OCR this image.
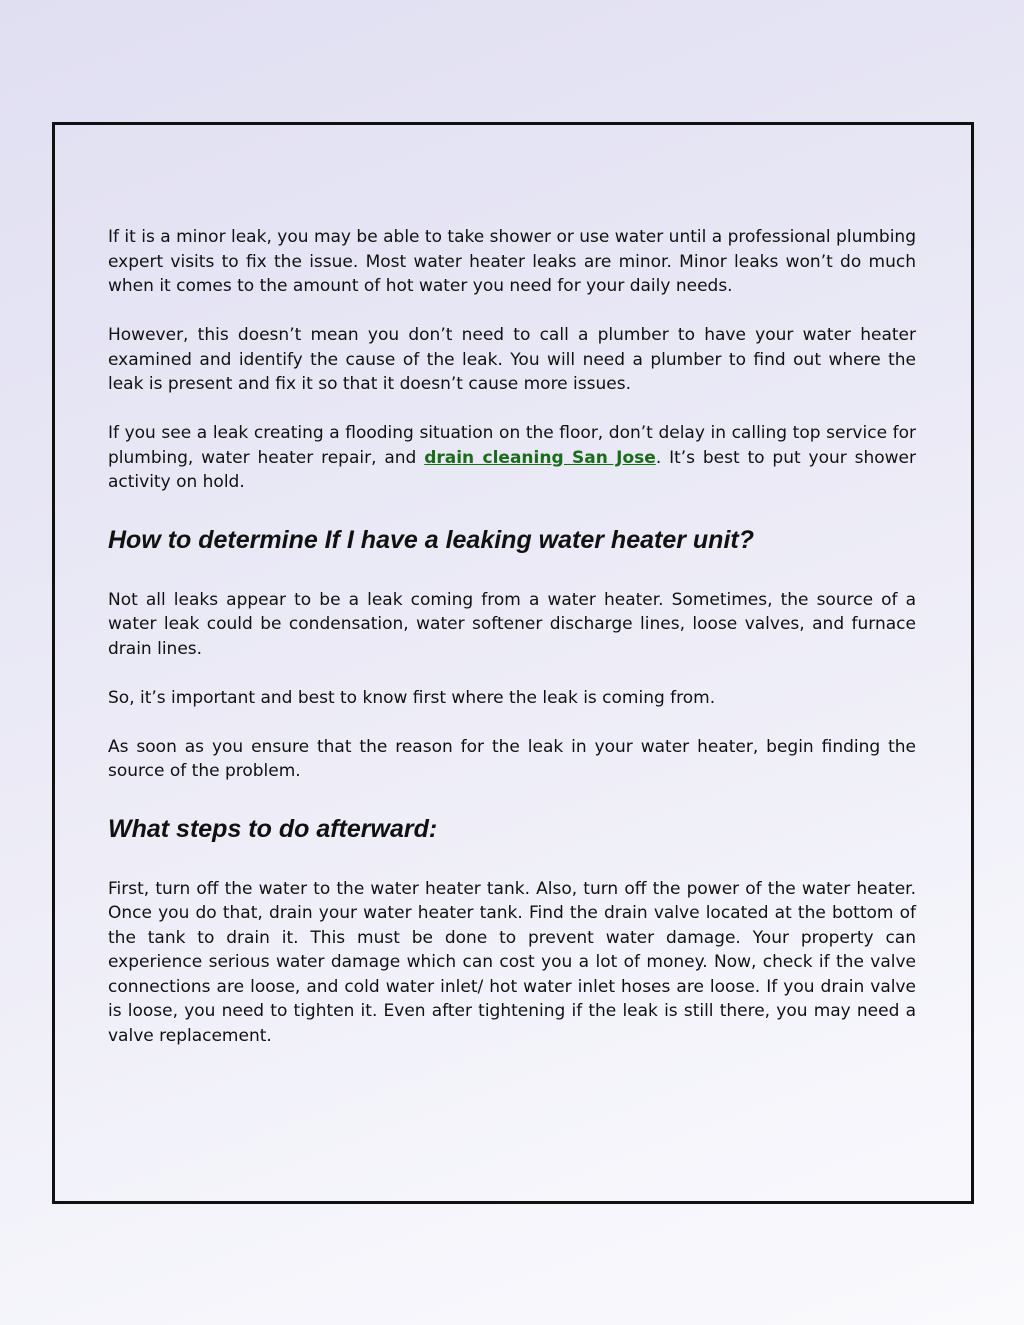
If it is a minor leak, you may be able to take shower or use water until a professional plumbing expert visits to fix the issue. Most water heater leaks are minor. Minor leaks won’t do much when it comes to the amount of hot water you need for your daily needs.

However, this doesn’t mean you don’t need to call a plumber to have your water heater examined and identify the cause of the leak. You will need a plumber to find out where the leak is present and fix it so that it doesn’t cause more issues.

If you see a leak creating a flooding situation on the floor, don’t delay in calling top service for plumbing, water heater repair, and drain cleaning San Jose. It’s best to put your shower activity on hold.

How to determine If I have a leaking water heater unit?

Not all leaks appear to be a leak coming from a water heater. Sometimes, the source of a water leak could be condensation, water softener discharge lines, loose valves, and furnace drain lines.

So, it’s important and best to know first where the leak is coming from.

As soon as you ensure that the reason for the leak in your water heater, begin finding the source of the problem.

What steps to do afterward:

First, turn off the water to the water heater tank. Also, turn off the power of the water heater. Once you do that, drain your water heater tank. Find the drain valve located at the bottom of the tank to drain it. This must be done to prevent water damage. Your property can experience serious water damage which can cost you a lot of money. Now, check if the valve connections are loose, and cold water inlet/ hot water inlet hoses are loose. If you drain valve is loose, you need to tighten it. Even after tightening if the leak is still there, you may need a valve replacement.
